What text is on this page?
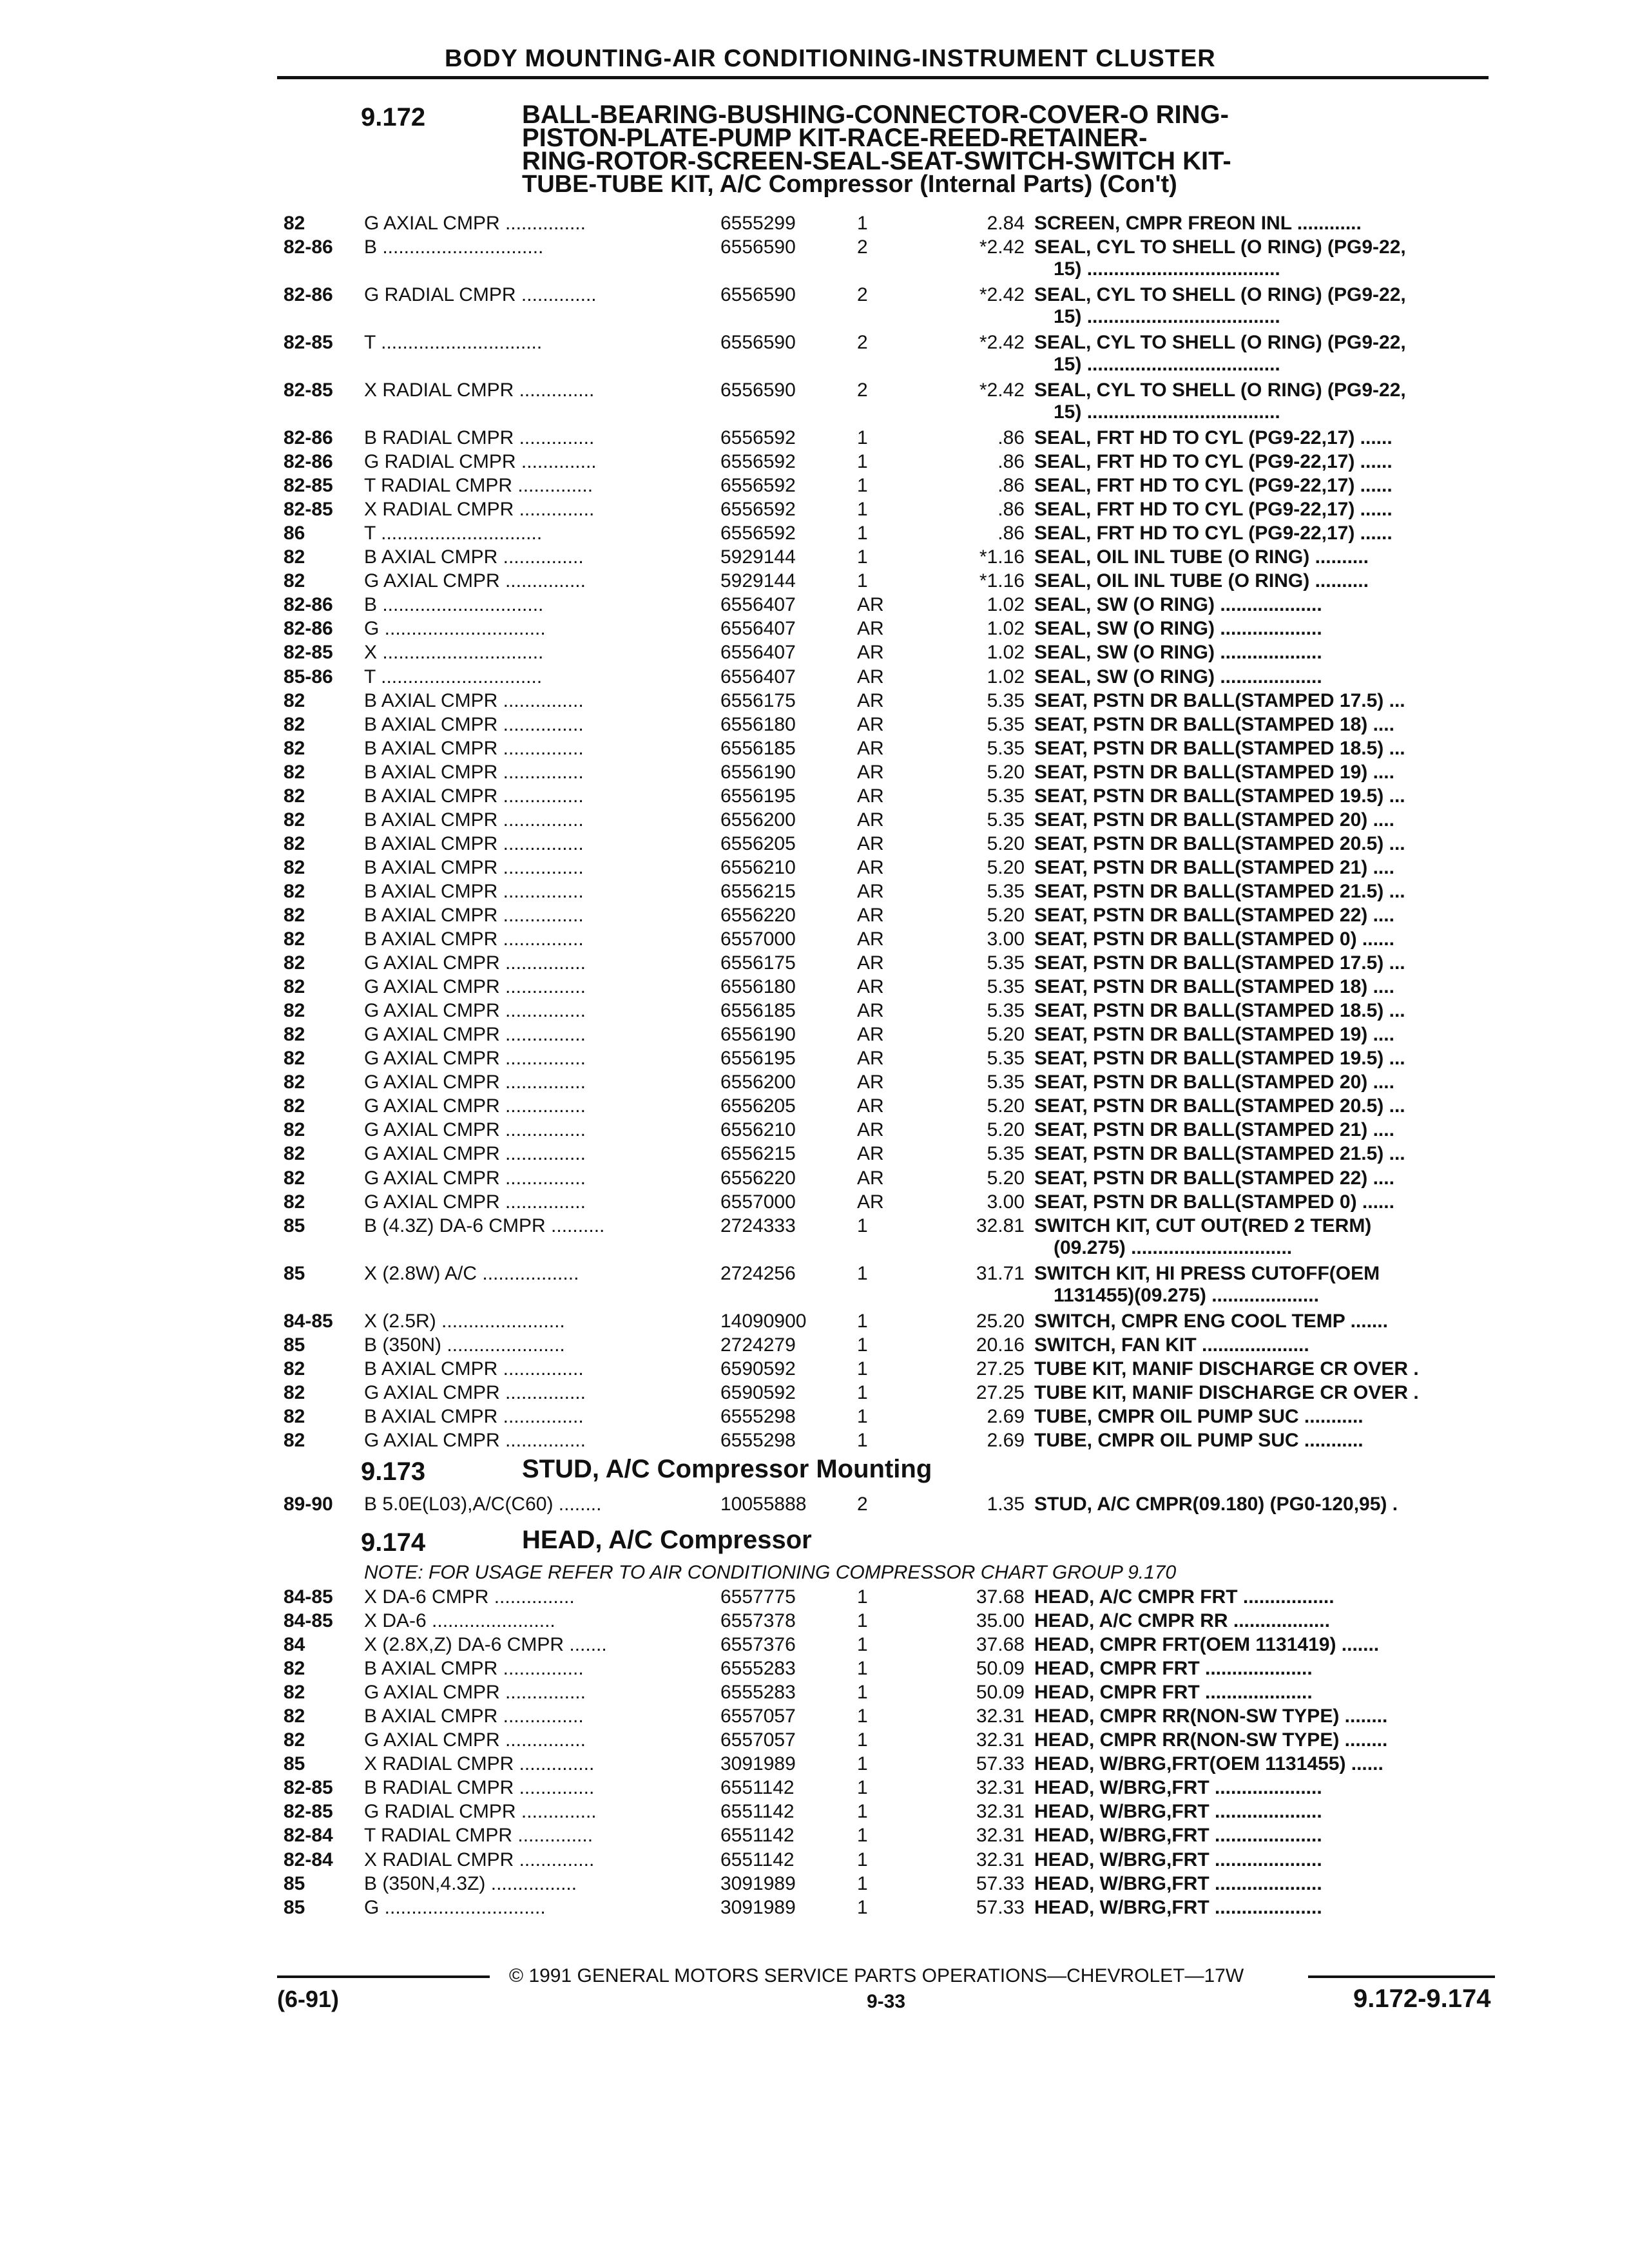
BODY MOUNTING-AIR CONDITIONING-INSTRUMENT CLUSTER
9.172	BALL-BEARING-BUSHING-CONNECTOR-COVER-O RING-
PISTON-PLATE-PUMP KIT-RACE-REED-RETAINER-
RING-ROTOR-SCREEN-SEAL-SEAT-SWITCH-SWITCH KIT-
TUBE-TUBE KIT, A/C Compressor (Internal Parts) (Con't)
82	G AXIAL CMPR ...............	6555299	1	2.84 SCREEN, CMPR FREON INL ............
82-86 B ..............................	6556590	2	*2.42 SEAL, CYL TO SHELL (O RING) (PG9-22,
15) ....................................
82-86 G RADIAL CMPR ..............	6556590	2	*2.42 SEAL, CYL TO SHELL (O RING) (PG9-22,
15) ....................................
82-85 T ..............................	6556590	2	*2.42 SEAL, CYL TO SHELL (O RING) (PG9-22,
15) ....................................
82-85 X RADIAL CMPR ..............	6556590	2	*2.42 SEAL, CYL TO SHELL (O RING) (PG9-22,
15) ....................................
82-86 B RADIAL CMPR ..............	6556592	1	.86 SEAL, FRT HD TO CYL (PG9-22,17) ......
82-86 G RADIAL CMPR ..............	6556592	1	.86 SEAL, FRT HD TO CYL (PG9-22,17) ......
82-85 T RADIAL CMPR ..............	6556592	1	.86 SEAL, FRT HD TO CYL (PG9-22,17) ......
82-85 X RADIAL CMPR ..............	6556592	1	.86 SEAL, FRT HD TO CYL (PG9-22,17) ......
86	T ..............................	6556592	1	.86 SEAL, FRT HD TO CYL (PG9-22,17) ......
82	B AXIAL CMPR ...............	5929144	1	*1.16 SEAL, OIL INL TUBE (O RING) ..........
82	G AXIAL CMPR ...............	5929144	1	*1.16 SEAL, OIL INL TUBE (O RING) ..........
82-86 B ..............................	6556407	AR	1.02 SEAL, SW (O RING) ...................
82-86 G ..............................	6556407	AR	1.02 SEAL, SW (O RING) ...................
82-85 X ..............................	6556407	AR	1.02 SEAL, SW (O RING) ...................
85-86 T ..............................	6556407	AR	1.02 SEAL, SW (O RING) ...................
82	B AXIAL CMPR ...............	6556175	AR	5.35 SEAT, PSTN DR BALL(STAMPED 17.5) ...
82	B AXIAL CMPR ...............	6556180	AR	5.35 SEAT, PSTN DR BALL(STAMPED 18) ....
82	B AXIAL CMPR ...............	6556185	AR	5.35 SEAT, PSTN DR BALL(STAMPED 18.5) ...
82	B AXIAL CMPR ...............	6556190	AR	5.20 SEAT, PSTN DR BALL(STAMPED 19) ....
82	B AXIAL CMPR ...............	6556195	AR	5.35 SEAT, PSTN DR BALL(STAMPED 19.5) ...
82	B AXIAL CMPR ...............	6556200	AR	5.35 SEAT, PSTN DR BALL(STAMPED 20) ....
82	B AXIAL CMPR ...............	6556205	AR	5.20 SEAT, PSTN DR BALL(STAMPED 20.5) ...
82	B AXIAL CMPR ...............	6556210	AR	5.20 SEAT, PSTN DR BALL(STAMPED 21) ....
82	B AXIAL CMPR ...............	6556215	AR	5.35 SEAT, PSTN DR BALL(STAMPED 21.5) ...
82	B AXIAL CMPR ...............	6556220	AR	5.20 SEAT, PSTN DR BALL(STAMPED 22) ....
82	B AXIAL CMPR ...............	6557000	AR	3.00 SEAT, PSTN DR BALL(STAMPED 0) ......
82	G AXIAL CMPR ...............	6556175	AR	5.35 SEAT, PSTN DR BALL(STAMPED 17.5) ...
82	G AXIAL CMPR ...............	6556180	AR	5.35 SEAT, PSTN DR BALL(STAMPED 18) ....
82	G AXIAL CMPR ...............	6556185	AR	5.35 SEAT, PSTN DR BALL(STAMPED 18.5) ...
82	G AXIAL CMPR ...............	6556190	AR	5.20 SEAT, PSTN DR BALL(STAMPED 19) ....
82	G AXIAL CMPR ...............	6556195	AR	5.35 SEAT, PSTN DR BALL(STAMPED 19.5) ...
82	G AXIAL CMPR ...............	6556200	AR	5.35 SEAT, PSTN DR BALL(STAMPED 20) ....
82	G AXIAL CMPR ...............	6556205	AR	5.20 SEAT, PSTN DR BALL(STAMPED 20.5) ...
82	G AXIAL CMPR ...............	6556210	AR	5.20 SEAT, PSTN DR BALL(STAMPED 21) ....
82	G AXIAL CMPR ...............	6556215	AR	5.35 SEAT, PSTN DR BALL(STAMPED 21.5) ...
82	G AXIAL CMPR ...............	6556220	AR	5.20 SEAT, PSTN DR BALL(STAMPED 22) ....
82	G AXIAL CMPR ...............	6557000	AR	3.00 SEAT, PSTN DR BALL(STAMPED 0) ......
85	B (4.3Z) DA-6 CMPR ..........	2724333	1	32.81 SWITCH KIT, CUT OUT(RED 2 TERM)
(09.275) ..............................
85	X (2.8W) A/C ..................	2724256	1	31.71 SWITCH KIT, HI PRESS CUTOFF(OEM
1131455)(09.275) ....................
84-85 X (2.5R) .......................	14090900	1	25.20 SWITCH, CMPR ENG COOL TEMP .......
85	B (350N) ......................	2724279	1	20.16 SWITCH, FAN KIT ....................
82	B AXIAL CMPR ...............	6590592	1	27.25 TUBE KIT, MANIF DISCHARGE CR OVER .
82	G AXIAL CMPR ...............	6590592	1	27.25 TUBE KIT, MANIF DISCHARGE CR OVER .
82	B AXIAL CMPR ...............	6555298	1	2.69 TUBE, CMPR OIL PUMP SUC ...........
82	G AXIAL CMPR ...............	6555298	1	2.69 TUBE, CMPR OIL PUMP SUC ...........
9.173	STUD, A/C Compressor Mounting
89-90 B 5.0E(L03),A/C(C60) ........	10055888	2	1.35 STUD, A/C CMPR(09.180) (PG0-120,95) .
9.174	HEAD, A/C Compressor
NOTE: FOR USAGE REFER TO AIR CONDITIONING COMPRESSOR CHART GROUP 9.170
84-85 X DA-6 CMPR ...............	6557775	1	37.68 HEAD, A/C CMPR FRT .................
84-85 X DA-6 .......................	6557378	1	35.00 HEAD, A/C CMPR RR ..................
84	X (2.8X,Z) DA-6 CMPR .......	6557376	1	37.68 HEAD, CMPR FRT(OEM 1131419) .......
82	B AXIAL CMPR ...............	6555283	1	50.09 HEAD, CMPR FRT ....................
82	G AXIAL CMPR ...............	6555283	1	50.09 HEAD, CMPR FRT ....................
82	B AXIAL CMPR ...............	6557057	1	32.31 HEAD, CMPR RR(NON-SW TYPE) ........
82	G AXIAL CMPR ...............	6557057	1	32.31 HEAD, CMPR RR(NON-SW TYPE) ........
85	X RADIAL CMPR ..............	3091989	1	57.33 HEAD, W/BRG,FRT(OEM 1131455) ......
82-85 B RADIAL CMPR ..............	6551142	1	32.31 HEAD, W/BRG,FRT ....................
82-85 G RADIAL CMPR ..............	6551142	1	32.31 HEAD, W/BRG,FRT ....................
82-84 T RADIAL CMPR ..............	6551142	1	32.31 HEAD, W/BRG,FRT ....................
82-84 X RADIAL CMPR ..............	6551142	1	32.31 HEAD, W/BRG,FRT ....................
85	B (350N,4.3Z) ................	3091989	1	57.33 HEAD, W/BRG,FRT ....................
85	G ..............................	3091989	1	57.33 HEAD, W/BRG,FRT ....................
© 1991 GENERAL MOTORS SERVICE PARTS OPERATIONS—CHEVROLET—17W
(6-91)	9-33	9.172-9.174
